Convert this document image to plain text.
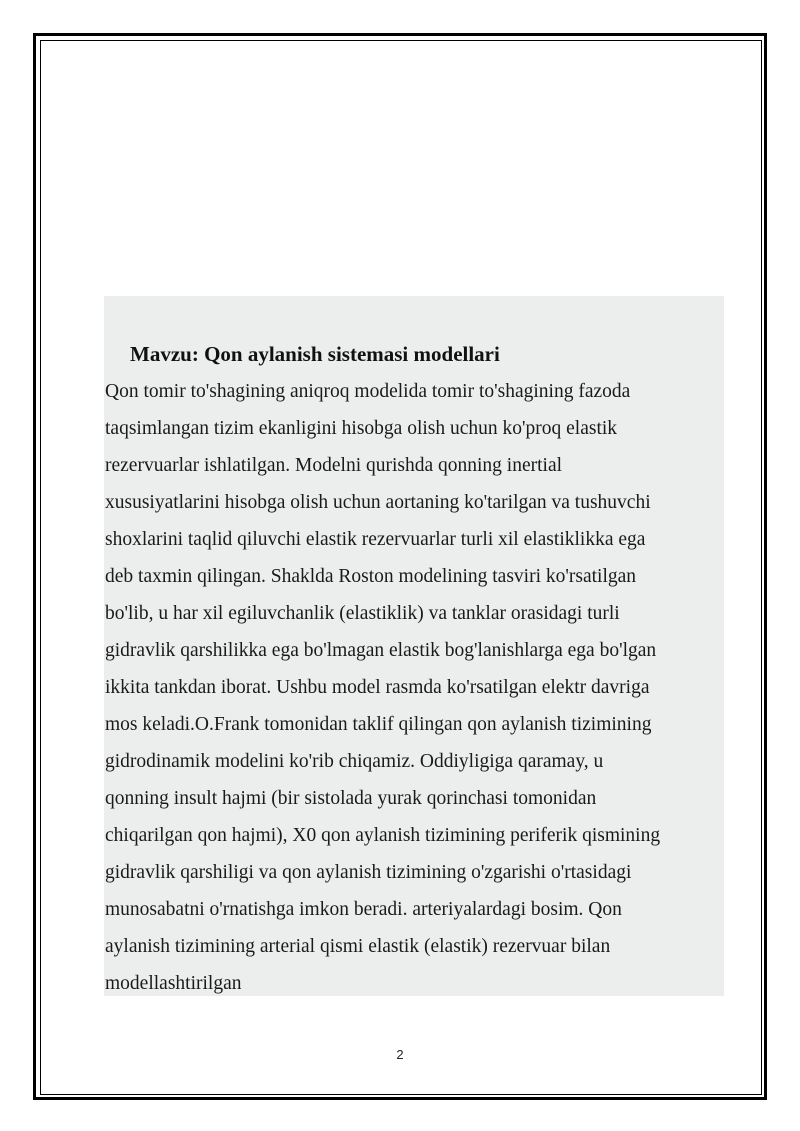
Mavzu: Qon aylanish sistemasi modellari
Qon tomir to'shagining aniqroq modelida tomir to'shagining fazoda
taqsimlangan tizim ekanligini hisobga olish uchun ko'proq elastik
rezervuarlar ishlatilgan. Modelni qurishda qonning inertial
xususiyatlarini hisobga olish uchun aortaning ko'tarilgan va tushuvchi
shoxlarini taqlid qiluvchi elastik rezervuarlar turli xil elastiklikka ega
deb taxmin qilingan. Shaklda Roston modelining tasviri ko'rsatilgan
bo'lib, u har xil egiluvchanlik (elastiklik) va tanklar orasidagi turli
gidravlik qarshilikka ega bo'lmagan elastik bog'lanishlarga ega bo'lgan
ikkita tankdan iborat. Ushbu model rasmda ko'rsatilgan elektr davriga
mos keladi.O.Frank tomonidan taklif qilingan qon aylanish tizimining
gidrodinamik modelini ko'rib chiqamiz. Oddiyligiga qaramay, u
qonning insult hajmi (bir sistolada yurak qorinchasi tomonidan
chiqarilgan qon hajmi), X0 qon aylanish tizimining periferik qismining
gidravlik qarshiligi va qon aylanish tizimining o'zgarishi o'rtasidagi
munosabatni o'rnatishga imkon beradi. arteriyalardagi bosim. Qon
aylanish tizimining arterial qismi elastik (elastik) rezervuar bilan
modellashtirilgan
2
